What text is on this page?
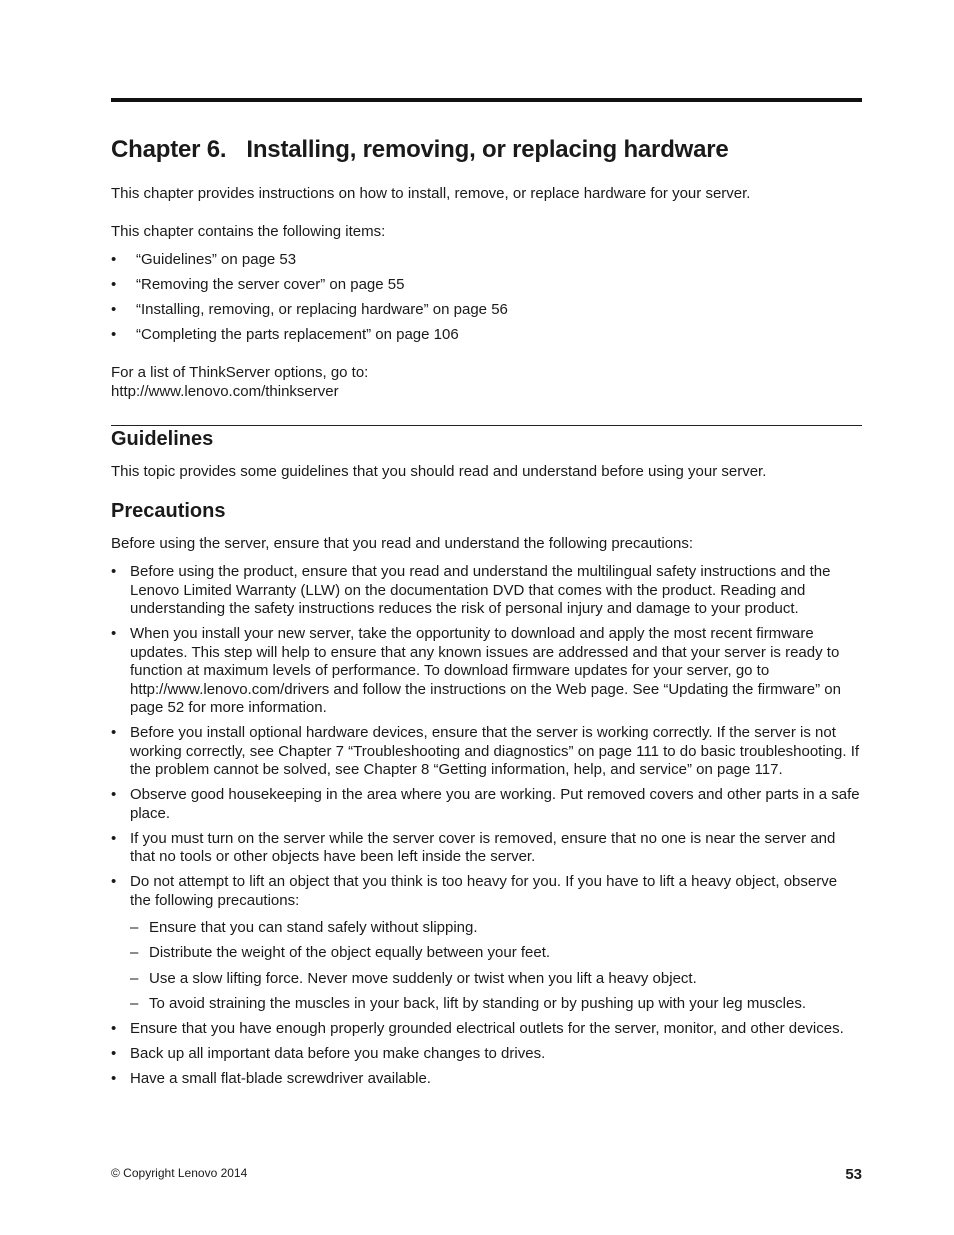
Chapter 6. Installing, removing, or replacing hardware

This chapter provides instructions on how to install, remove, or replace hardware for your server.

This chapter contains the following items:

• “Guidelines” on page 53
• “Removing the server cover” on page 55
• “Installing, removing, or replacing hardware” on page 56
• “Completing the parts replacement” on page 106

For a list of ThinkServer options, go to:
http://www.lenovo.com/thinkserver

Guidelines

This topic provides some guidelines that you should read and understand before using your server.

Precautions

Before using the server, ensure that you read and understand the following precautions:

• Before using the product, ensure that you read and understand the multilingual safety instructions and the Lenovo Limited Warranty (LLW) on the documentation DVD that comes with the product. Reading and understanding the safety instructions reduces the risk of personal injury and damage to your product.
• When you install your new server, take the opportunity to download and apply the most recent firmware updates. This step will help to ensure that any known issues are addressed and that your server is ready to function at maximum levels of performance. To download firmware updates for your server, go to http://www.lenovo.com/drivers and follow the instructions on the Web page. See “Updating the firmware” on page 52 for more information.
• Before you install optional hardware devices, ensure that the server is working correctly. If the server is not working correctly, see Chapter 7 “Troubleshooting and diagnostics” on page 111 to do basic troubleshooting. If the problem cannot be solved, see Chapter 8 “Getting information, help, and service” on page 117.
• Observe good housekeeping in the area where you are working. Put removed covers and other parts in a safe place.
• If you must turn on the server while the server cover is removed, ensure that no one is near the server and that no tools or other objects have been left inside the server.
• Do not attempt to lift an object that you think is too heavy for you. If you have to lift a heavy object, observe the following precautions:
– Ensure that you can stand safely without slipping.
– Distribute the weight of the object equally between your feet.
– Use a slow lifting force. Never move suddenly or twist when you lift a heavy object.
– To avoid straining the muscles in your back, lift by standing or by pushing up with your leg muscles.
• Ensure that you have enough properly grounded electrical outlets for the server, monitor, and other devices.
• Back up all important data before you make changes to drives.
• Have a small flat-blade screwdriver available.

© Copyright Lenovo 2014	53
